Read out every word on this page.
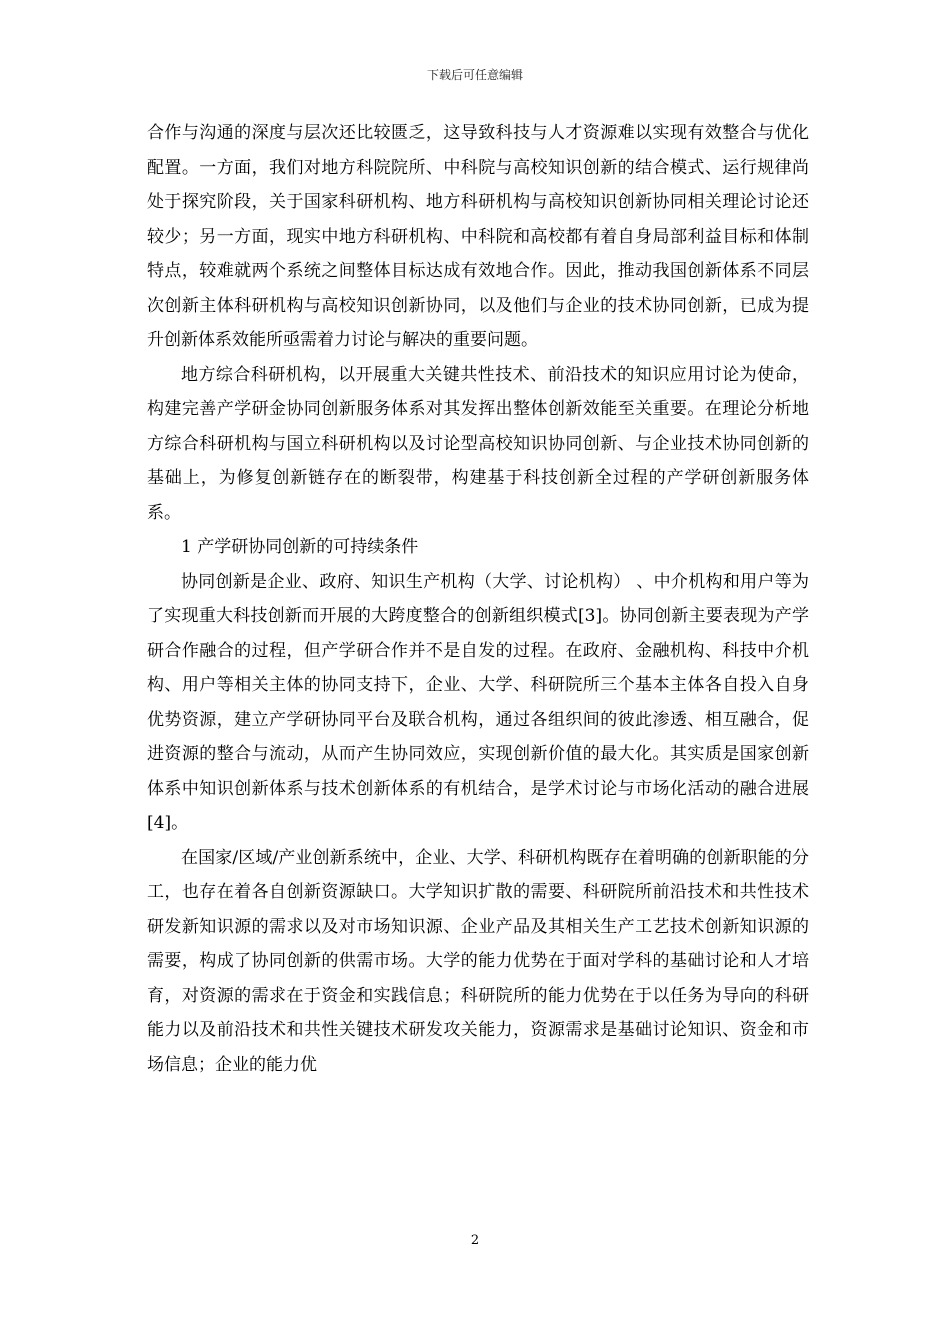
下载后可任意编辑

合作与沟通的深度与层次还比较匮乏，这导致科技与人才资源难以实现有效整合与优化配置。一方面，我们对地方科院院所、中科院与高校知识创新的结合模式、运行规律尚处于探究阶段，关于国家科研机构、地方科研机构与高校知识创新协同相关理论讨论还较少；另一方面，现实中地方科研机构、中科院和高校都有着自身局部利益目标和体制特点，较难就两个系统之间整体目标达成有效地合作。因此，推动我国创新体系不同层次创新主体科研机构与高校知识创新协同，以及他们与企业的技术协同创新，已成为提升创新体系效能所亟需着力讨论与解决的重要问题。

地方综合科研机构，以开展重大关键共性技术、前沿技术的知识应用讨论为使命，构建完善产学研金协同创新服务体系对其发挥出整体创新效能至关重要。在理论分析地方综合科研机构与国立科研机构以及讨论型高校知识协同创新、与企业技术协同创新的基础上，为修复创新链存在的断裂带，构建基于科技创新全过程的产学研创新服务体系。

1 产学研协同创新的可持续条件

协同创新是企业、政府、知识生产机构（大学、讨论机构） 、中介机构和用户等为了实现重大科技创新而开展的大跨度整合的创新组织模式[3]。协同创新主要表现为产学研合作融合的过程，但产学研合作并不是自发的过程。在政府、金融机构、科技中介机构、用户等相关主体的协同支持下，企业、大学、科研院所三个基本主体各自投入自身优势资源，建立产学研协同平台及联合机构，通过各组织间的彼此渗透、相互融合，促进资源的整合与流动，从而产生协同效应，实现创新价值的最大化。其实质是国家创新体系中知识创新体系与技术创新体系的有机结合，是学术讨论与市场化活动的融合进展[4]。

在国家/区域/产业创新系统中，企业、大学、科研机构既存在着明确的创新职能的分工，也存在着各自创新资源缺口。大学知识扩散的需要、科研院所前沿技术和共性技术研发新知识源的需求以及对市场知识源、企业产品及其相关生产工艺技术创新知识源的需要，构成了协同创新的供需市场。大学的能力优势在于面对学科的基础讨论和人才培育，对资源的需求在于资金和实践信息；科研院所的能力优势在于以任务为导向的科研能力以及前沿技术和共性关键技术研发攻关能力，资源需求是基础讨论知识、资金和市场信息；企业的能力优

2
